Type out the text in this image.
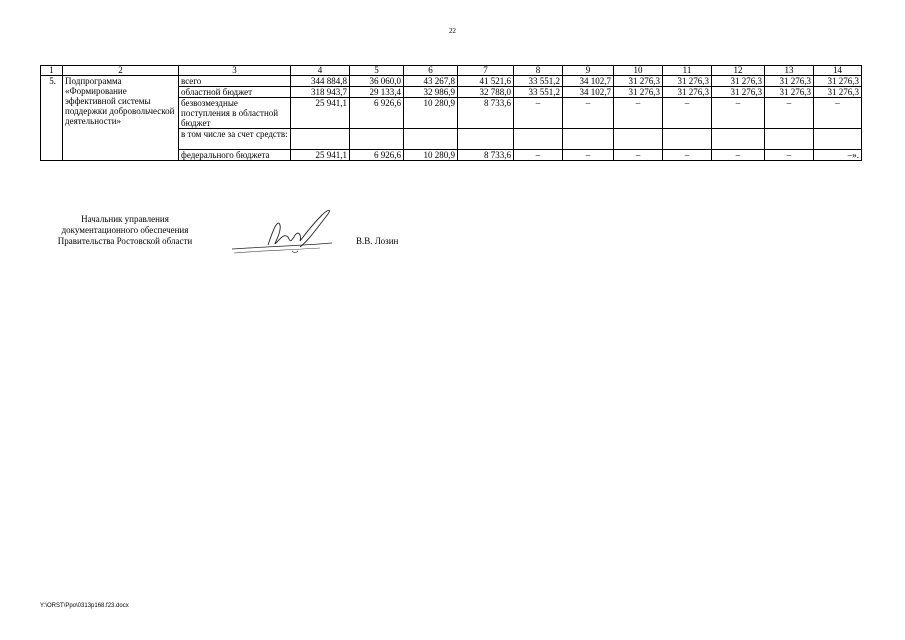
22
1	2	3	4	5	6	7	8	9	10	11	12	13	14
5.	Подпрограмма «Формирование эффективной системы поддержки добровольческой деятельности»	всего	344 884,8	36 060,0	43 267,8	41 521,6	33 551,2	34 102,7	31 276,3	31 276,3	31 276,3	31 276,3	31 276,3
		областной бюджет	318 943,7	29 133,4	32 986,9	32 788,0	33 551,2	34 102,7	31 276,3	31 276,3	31 276,3	31 276,3	31 276,3
		безвозмездные поступления в областной бюджет	25 941,1	6 926,6	10 280,9	8 733,6	–	–	–	–	–	–	–
		в том числе за счет средств:											
		федерального бюджета	25 941,1	6 926,6	10 280,9	8 733,6	–	–	–	–	–	–	–».
Начальник управления
документационного обеспечения
Правительства Ростовской области	В.В. Лозин
Y:\ORST\Ppo\0313p168.f23.docx
